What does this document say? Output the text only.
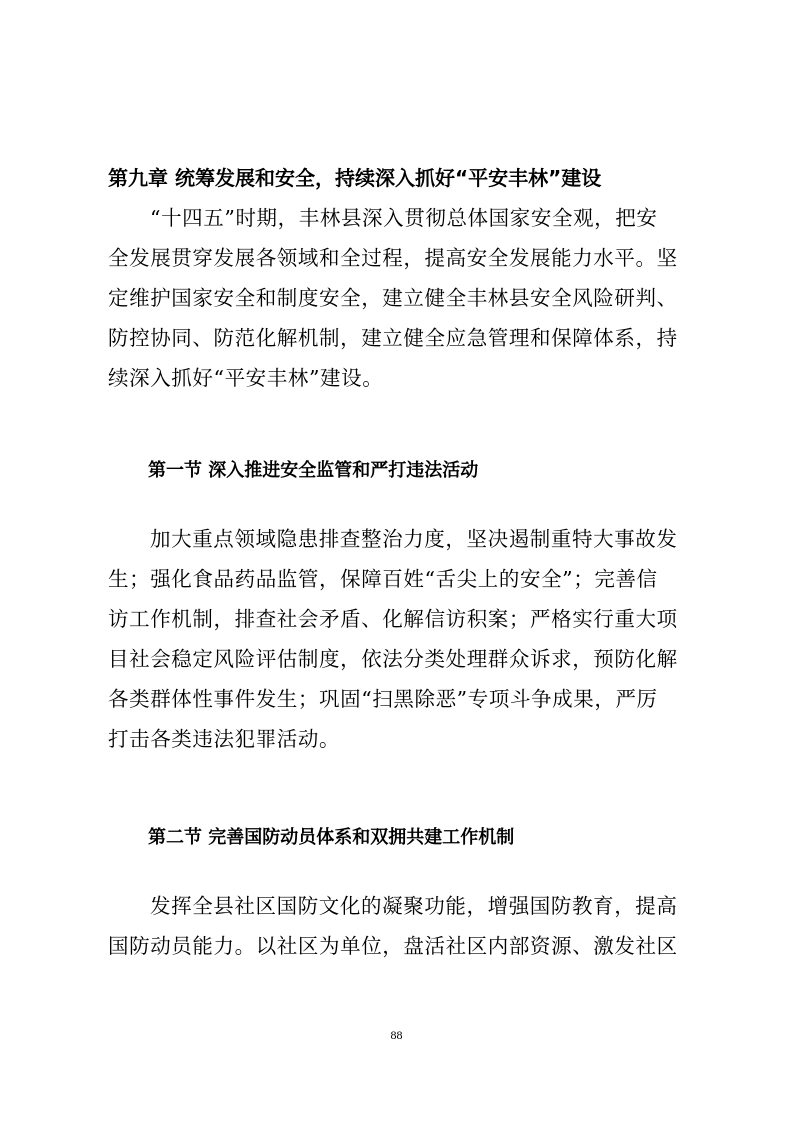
第九章 统筹发展和安全，持续深入抓好“平安丰林”建设
“十四五”时期，丰林县深入贯彻总体国家安全观，把安
全发展贯穿发展各领域和全过程，提高安全发展能力水平。坚
定维护国家安全和制度安全，建立健全丰林县安全风险研判、
防控协同、防范化解机制，建立健全应急管理和保障体系，持
续深入抓好“平安丰林”建设。
第一节 深入推进安全监管和严打违法活动
加大重点领域隐患排查整治力度，坚决遏制重特大事故发
生；强化食品药品监管，保障百姓“舌尖上的安全”；完善信
访工作机制，排查社会矛盾、化解信访积案；严格实行重大项
目社会稳定风险评估制度，依法分类处理群众诉求，预防化解
各类群体性事件发生；巩固“扫黑除恶”专项斗争成果，严厉
打击各类违法犯罪活动。
第二节 完善国防动员体系和双拥共建工作机制
发挥全县社区国防文化的凝聚功能，增强国防教育，提高
国防动员能力。以社区为单位，盘活社区内部资源、激发社区
88
